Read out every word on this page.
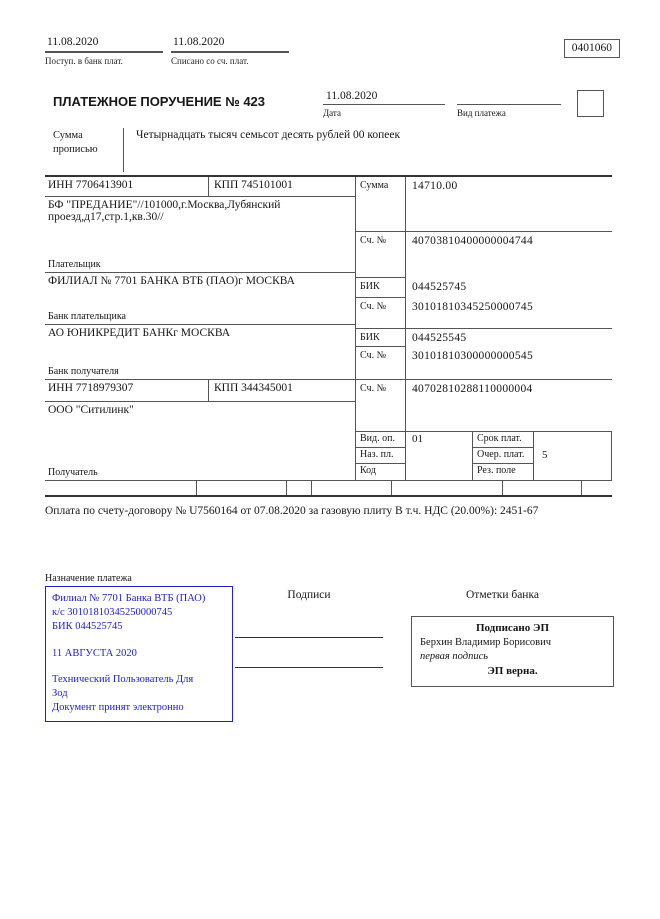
11.08.2020
Поступ. в банк плат.
11.08.2020
Списано со сч. плат.
0401060
ПЛАТЕЖНОЕ ПОРУЧЕНИЕ № 423	11.08.2020
Дата	Вид платежа
Сумма прописью
Четырнадцать тысяч семьсот десять рублей 00 копеек
ИНН 7706413901	КПП 745101001
БФ "ПРЕДАНИЕ"//101000,г.Москва,Лубянский проезд,д17,стр.1,кв.30//
Плательщик
ФИЛИАЛ № 7701 БАНКА ВТБ (ПАО)г МОСКВА
Банк плательщика
АО ЮНИКРЕДИТ БАНКг МОСКВА
Банк получателя
ИНН 7718979307	КПП 344345001
ООО "Ситилинк"
Получатель
Сумма	14710.00
Сч. №	40703810400000004744
БИК	044525745
Сч. №	30101810345250000745
БИК	044525545
Сч. №	30101810300000000545
Сч. №	40702810288110000004
Вид. оп.	01	Срок плат.
Наз. пл.	Очер. плат.	5
Код	Рез. поле
Оплата по счету-договору № U7560164 от 07.08.2020 за газовую плиту В т.ч. НДС (20.00%): 2451-67
Назначение платежа
Филиал № 7701 Банка ВТБ (ПАО)
к/с 30101810345250000745
БИК 044525745
11 АВГУСТА 2020
Технический Пользователь Для
Зод
Документ принят электронно
Подписи	Отметки банка
Подписано ЭП
Берхин Владимир Борисович
первая подпись
ЭП верна.
